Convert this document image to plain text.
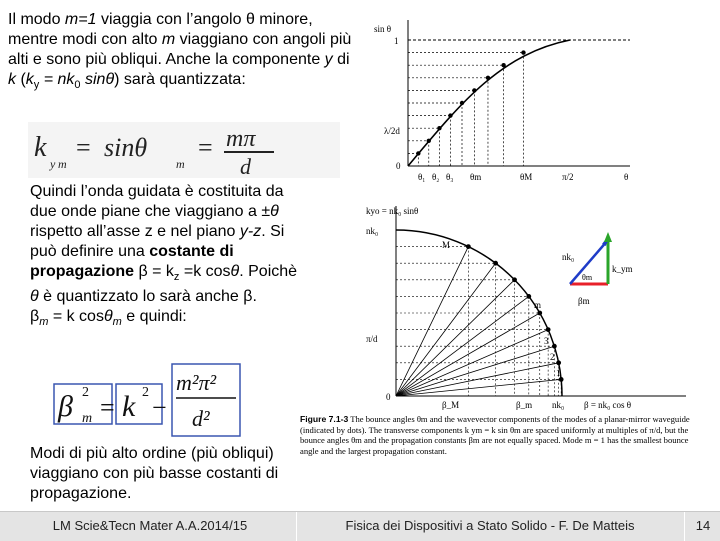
Il modo m=1 viaggia con l’angolo θ minore, mentre modi con alto m viaggiano con angoli più alti e sono più obliqui. Anche la componente y di k ($k_y = nk_0$ sinθ) sarà quantizzata:
k
y m
= sinθ
m
= mπ
d
Quindi l’onda guidata è costituita da due onde piane che viaggiano a ±θ rispetto all’asse z e nel piano y-z. Si può definire una costante di propagazione $\beta = k_z =k$ cosθ. Poichè θ è quantizzato lo sarà anche β.
$\beta_m = k$ cosθ$_m$ e quindi:
β 2
m = k 2
−
m²π²
d²
Modi di più alto ordine (più obliqui) viaggiano con più basse costanti di propagazione.
sin θ
1
λ/2d
0
θ₁ θ₂ θ₃ θm	θM	π/2	θ
kyo = nk₀ sinθ
nk₀
M
m
3
2
1
π/d
0
β_M	β_m nk₀ β = nk₀ cos θ
nk₀
k_ym
θm
βm
Figure 7.1-3 The bounce angles θm and the wavevector components of the modes of a planar-mirror waveguide (indicated by dots). The transverse components k ym = k sin θm are spaced uniformly at multiples of π/d, but the bounce angles θm and the propagation constants βm are not equally spaced. Mode m = 1 has the smallest bounce angle and the largest propagation constant.
LM Scie&Tecn Mater A.A.2014/15	Fisica dei Dispositivi a Stato Solido - F. De Matteis	14
